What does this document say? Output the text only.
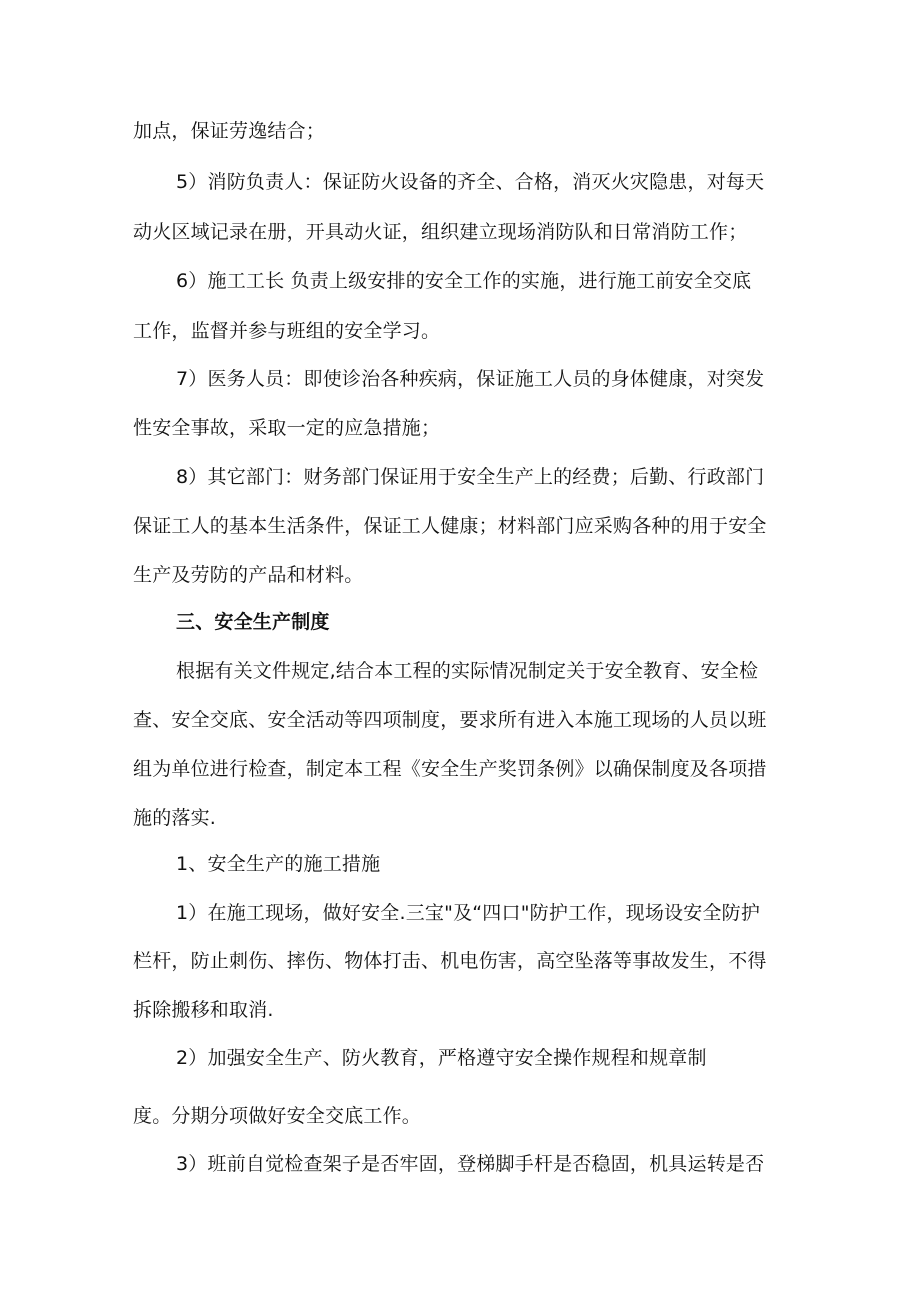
加点，保证劳逸结合；
5）消防负责人：保证防火设备的齐全、合格，消灭火灾隐患，对每天
动火区域记录在册，开具动火证，组织建立现场消防队和日常消防工作；
6）施工工长 负责上级安排的安全工作的实施，进行施工前安全交底
工作，监督并参与班组的安全学习。
7）医务人员：即使诊治各种疾病，保证施工人员的身体健康，对突发
性安全事故，采取一定的应急措施；
8）其它部门：财务部门保证用于安全生产上的经费；后勤、行政部门
保证工人的基本生活条件，保证工人健康；材料部门应采购各种的用于安全
生产及劳防的产品和材料。
三、安全生产制度
根据有关文件规定,结合本工程的实际情况制定关于安全教育、安全检
查、安全交底、安全活动等四项制度，要求所有进入本施工现场的人员以班
组为单位进行检查，制定本工程《安全生产奖罚条例》以确保制度及各项措
施的落实.
1、安全生产的施工措施
1）在施工现场，做好安全.三宝"及“四口"防护工作，现场设安全防护
栏杆，防止刺伤、摔伤、物体打击、机电伤害，高空坠落等事故发生，不得
拆除搬移和取消.
2）加强安全生产、防火教育，严格遵守安全操作规程和规章制
度。分期分项做好安全交底工作。
3）班前自觉检查架子是否牢固，登梯脚手杆是否稳固，机具运转是否
